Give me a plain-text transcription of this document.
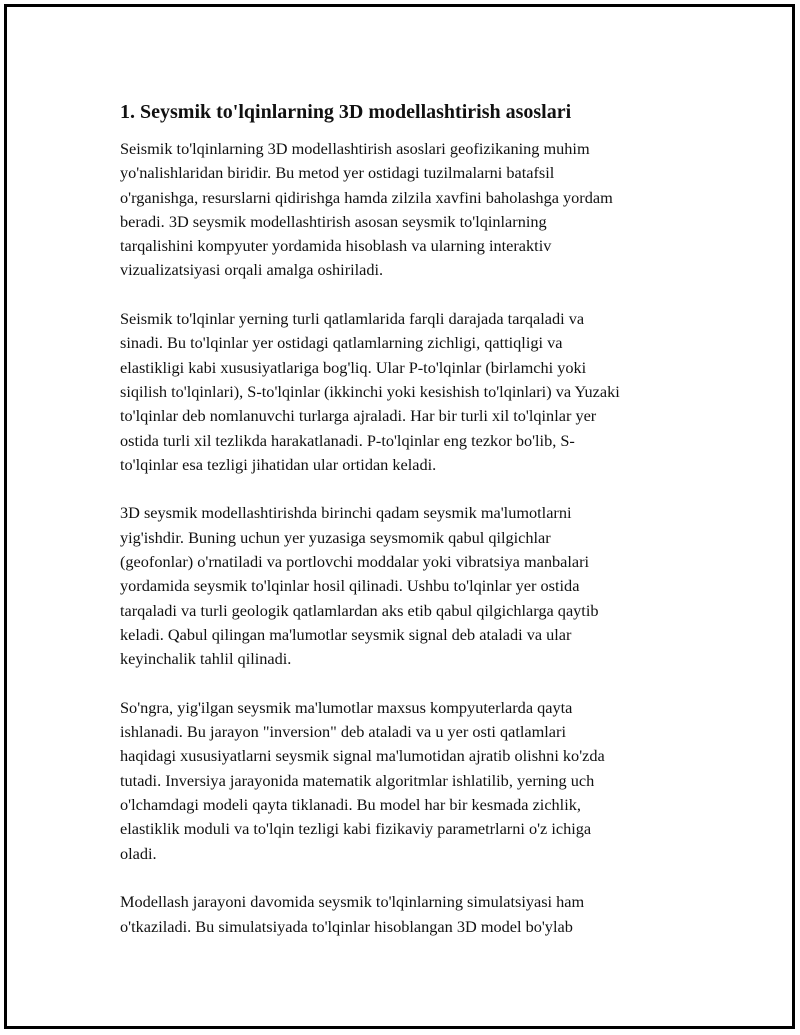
1. Seysmik to'lqinlarning 3D modellashtirish asoslari

Seismik to'lqinlarning 3D modellashtirish asoslari geofizikaning muhim
yo'nalishlaridan biridir. Bu metod yer ostidagi tuzilmalarni batafsil
o'rganishga, resurslarni qidirishga hamda zilzila xavfini baholashga yordam
beradi. 3D seysmik modellashtirish asosan seysmik to'lqinlarning
tarqalishini kompyuter yordamida hisoblash va ularning interaktiv
vizualizatsiyasi orqali amalga oshiriladi.

Seismik to'lqinlar yerning turli qatlamlarida farqli darajada tarqaladi va
sinadi. Bu to'lqinlar yer ostidagi qatlamlarning zichligi, qattiqligi va
elastikligi kabi xususiyatlariga bog'liq. Ular P-to'lqinlar (birlamchi yoki
siqilish to'lqinlari), S-to'lqinlar (ikkinchi yoki kesishish to'lqinlari) va Yuzaki
to'lqinlar deb nomlanuvchi turlarga ajraladi. Har bir turli xil to'lqinlar yer
ostida turli xil tezlikda harakatlanadi. P-to'lqinlar eng tezkor bo'lib, S-
to'lqinlar esa tezligi jihatidan ular ortidan keladi.

3D seysmik modellashtirishda birinchi qadam seysmik ma'lumotlarni
yig'ishdir. Buning uchun yer yuzasiga seysmomik qabul qilgichlar
(geofonlar) o'rnatiladi va portlovchi moddalar yoki vibratsiya manbalari
yordamida seysmik to'lqinlar hosil qilinadi. Ushbu to'lqinlar yer ostida
tarqaladi va turli geologik qatlamlardan aks etib qabul qilgichlarga qaytib
keladi. Qabul qilingan ma'lumotlar seysmik signal deb ataladi va ular
keyinchalik tahlil qilinadi.

So'ngra, yig'ilgan seysmik ma'lumotlar maxsus kompyuterlarda qayta
ishlanadi. Bu jarayon "inversion" deb ataladi va u yer osti qatlamlari
haqidagi xususiyatlarni seysmik signal ma'lumotidan ajratib olishni ko'zda
tutadi. Inversiya jarayonida matematik algoritmlar ishlatilib, yerning uch
o'lchamdagi modeli qayta tiklanadi. Bu model har bir kesmada zichlik,
elastiklik moduli va to'lqin tezligi kabi fizikaviy parametrlarni o'z ichiga
oladi.

Modellash jarayoni davomida seysmik to'lqinlarning simulatsiyasi ham
o'tkaziladi. Bu simulatsiyada to'lqinlar hisoblangan 3D model bo'ylab
